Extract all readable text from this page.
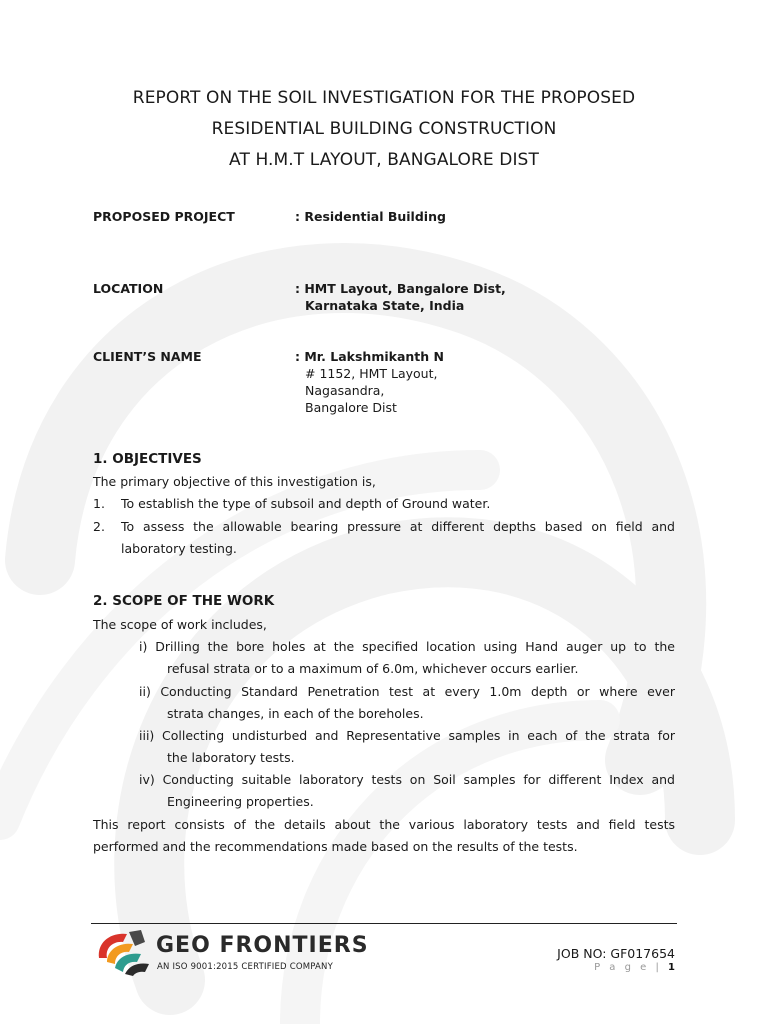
REPORT ON THE SOIL INVESTIGATION FOR THE PROPOSED
RESIDENTIAL BUILDING CONSTRUCTION
AT H.M.T LAYOUT, BANGALORE DIST
PROPOSED PROJECT	: Residential Building
LOCATION	: HMT Layout, Bangalore Dist,
Karnataka State, India
CLIENT’S NAME	: Mr. Lakshmikanth N
# 1152, HMT Layout,
Nagasandra,
Bangalore Dist
1. OBJECTIVES
The primary objective of this investigation is,
1.	To establish the type of subsoil and depth of Ground water.
2.	To assess the allowable bearing pressure at different depths based on field and laboratory testing.
2. SCOPE OF THE WORK
The scope of work includes,
i) Drilling the bore holes at the specified location using Hand auger up to the
refusal strata or to a maximum of 6.0m, whichever occurs earlier.
ii) Conducting Standard Penetration test at every 1.0m depth or where ever
strata changes, in each of the boreholes.
iii) Collecting undisturbed and Representative samples in each of the strata for
the laboratory tests.
iv) Conducting suitable laboratory tests on Soil samples for different Index and
Engineering properties.
This report consists of the details about the various laboratory tests and field tests performed and the recommendations made based on the results of the tests.
GEO FRONTIERS
AN ISO 9001:2015 CERTIFIED COMPANY
JOB NO: GF017654
P a g e | 1
